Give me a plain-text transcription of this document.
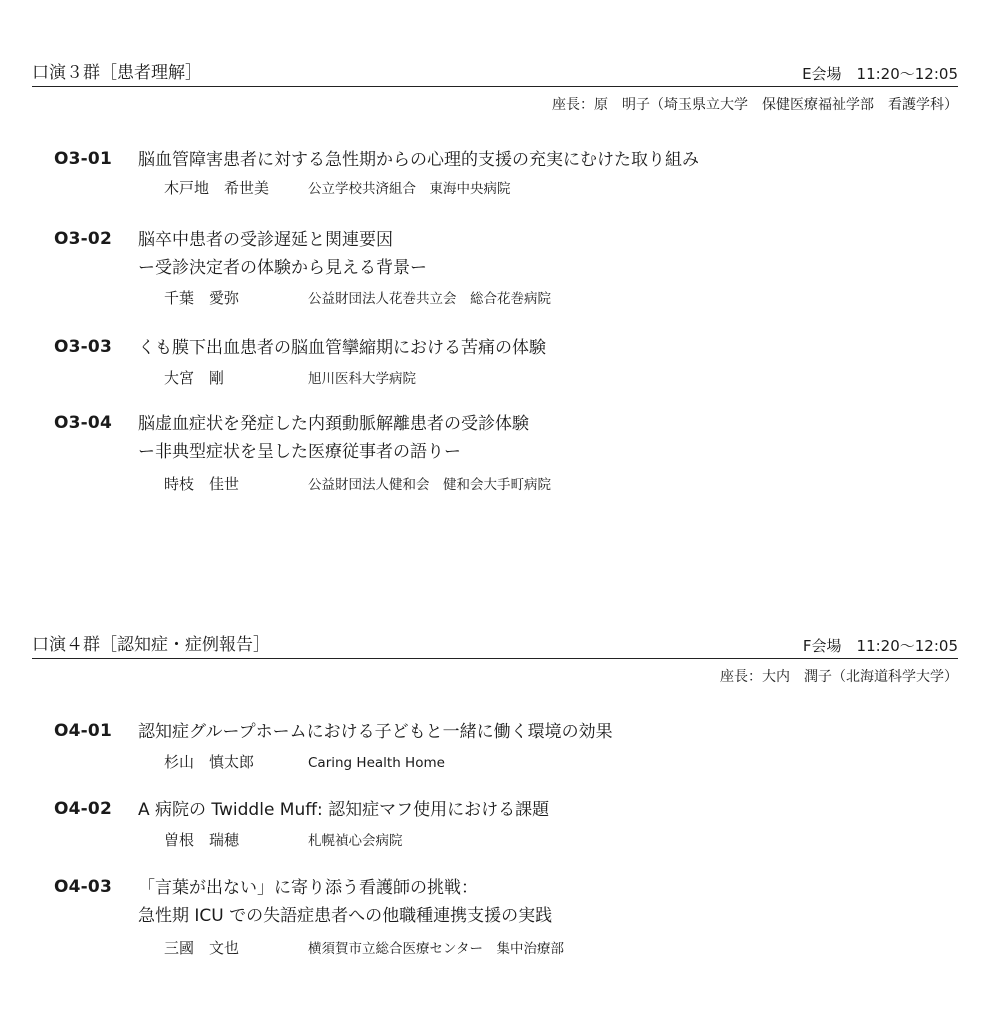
口演３群［患者理解］	E会場　11:20〜12:05
座長：原　明子（埼玉県立大学　保健医療福祉学部　看護学科）
O3-01 脳血管障害患者に対する急性期からの心理的支援の充実にむけた取り組み
木戸地　希世美	公立学校共済組合　東海中央病院
O3-02 脳卒中患者の受診遅延と関連要因
ー受診決定者の体験から見える背景ー
千葉　愛弥	公益財団法人花巻共立会　総合花巻病院
O3-03 くも膜下出血患者の脳血管攣縮期における苦痛の体験
大宮　剛	旭川医科大学病院
O3-04 脳虚血症状を発症した内頚動脈解離患者の受診体験
ー非典型症状を呈した医療従事者の語りー
時枝　佳世	公益財団法人健和会　健和会大手町病院
口演４群［認知症・症例報告］	F会場　11:20〜12:05
座長：大内　潤子（北海道科学大学）
O4-01 認知症グループホームにおける子どもと一緒に働く環境の効果
杉山　慎太郎	Caring Health Home
O4-02 A 病院の Twiddle Muff: 認知症マフ使用における課題
曽根　瑞穂	札幌禎心会病院
O4-03 「言葉が出ない」に寄り添う看護師の挑戦：
急性期 ICU での失語症患者への他職種連携支援の実践
三國　文也	横須賀市立総合医療センター　集中治療部
